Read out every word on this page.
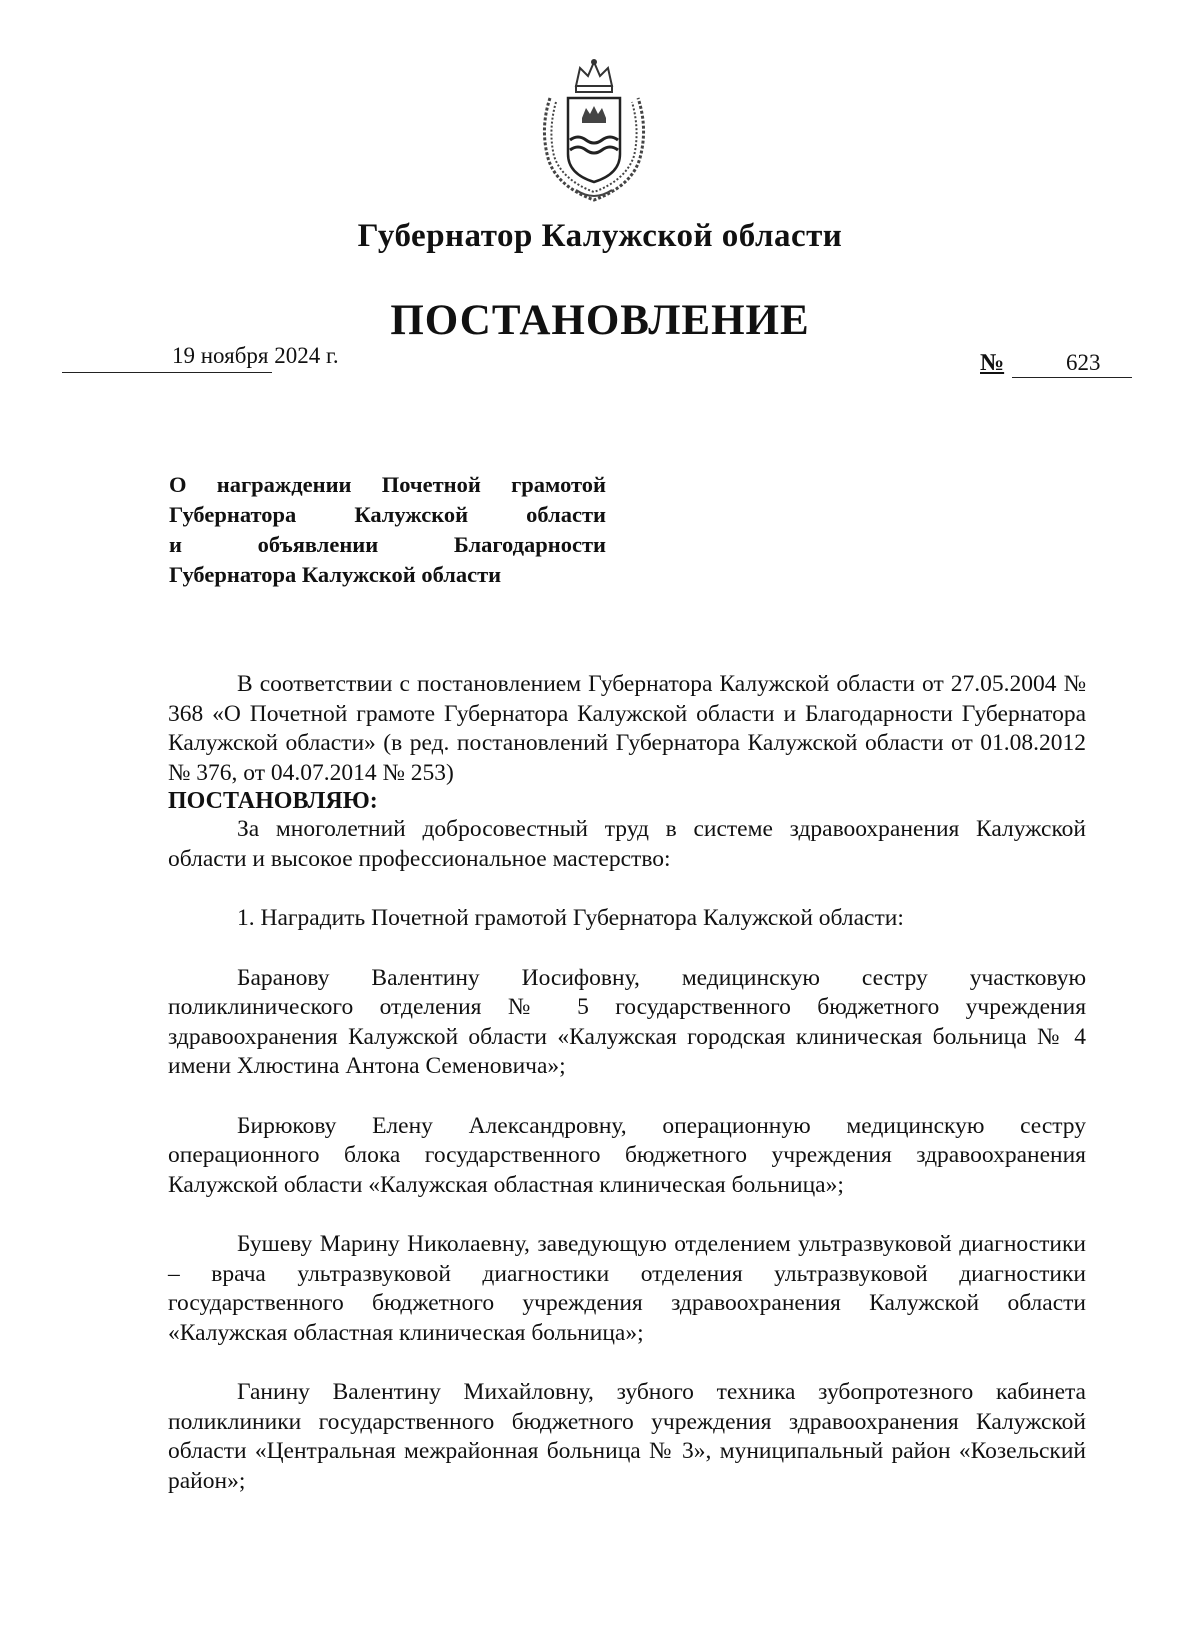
Губернатор Калужской области
ПОСТАНОВЛЕНИЕ
19 ноября 2024 г.	№	623
О награждении Почетной грамотой
Губернатора Калужской области
и объявлении Благодарности
Губернатора Калужской области

В соответствии с постановлением Губернатора Калужской области от 27.05.2004 № 368 «О Почетной грамоте Губернатора Калужской области и Благодарности Губернатора Калужской области» (в ред. постановлений Губернатора Калужской области от 01.08.2012 № 376, от 04.07.2014 № 253)

ПОСТАНОВЛЯЮ:

За многолетний добросовестный труд в системе здравоохранения Калужской области и высокое профессиональное мастерство:

1. Наградить Почетной грамотой Губернатора Калужской области:

Баранову Валентину Иосифовну, медицинскую сестру участковую поликлинического отделения № 5 государственного бюджетного учреждения здравоохранения Калужской области «Калужская городская клиническая больница № 4 имени Хлюстина Антона Семеновича»;

Бирюкову Елену Александровну, операционную медицинскую сестру операционного блока государственного бюджетного учреждения здравоохранения Калужской области «Калужская областная клиническая больница»;

Бушеву Марину Николаевну, заведующую отделением ультразвуковой диагностики – врача ультразвуковой диагностики отделения ультразвуковой диагностики государственного бюджетного учреждения здравоохранения Калужской области «Калужская областная клиническая больница»;

Ганину Валентину Михайловну, зубного техника зубопротезного кабинета поликлиники государственного бюджетного учреждения здравоохранения Калужской области «Центральная межрайонная больница № 3», муниципальный район «Козельский район»;
